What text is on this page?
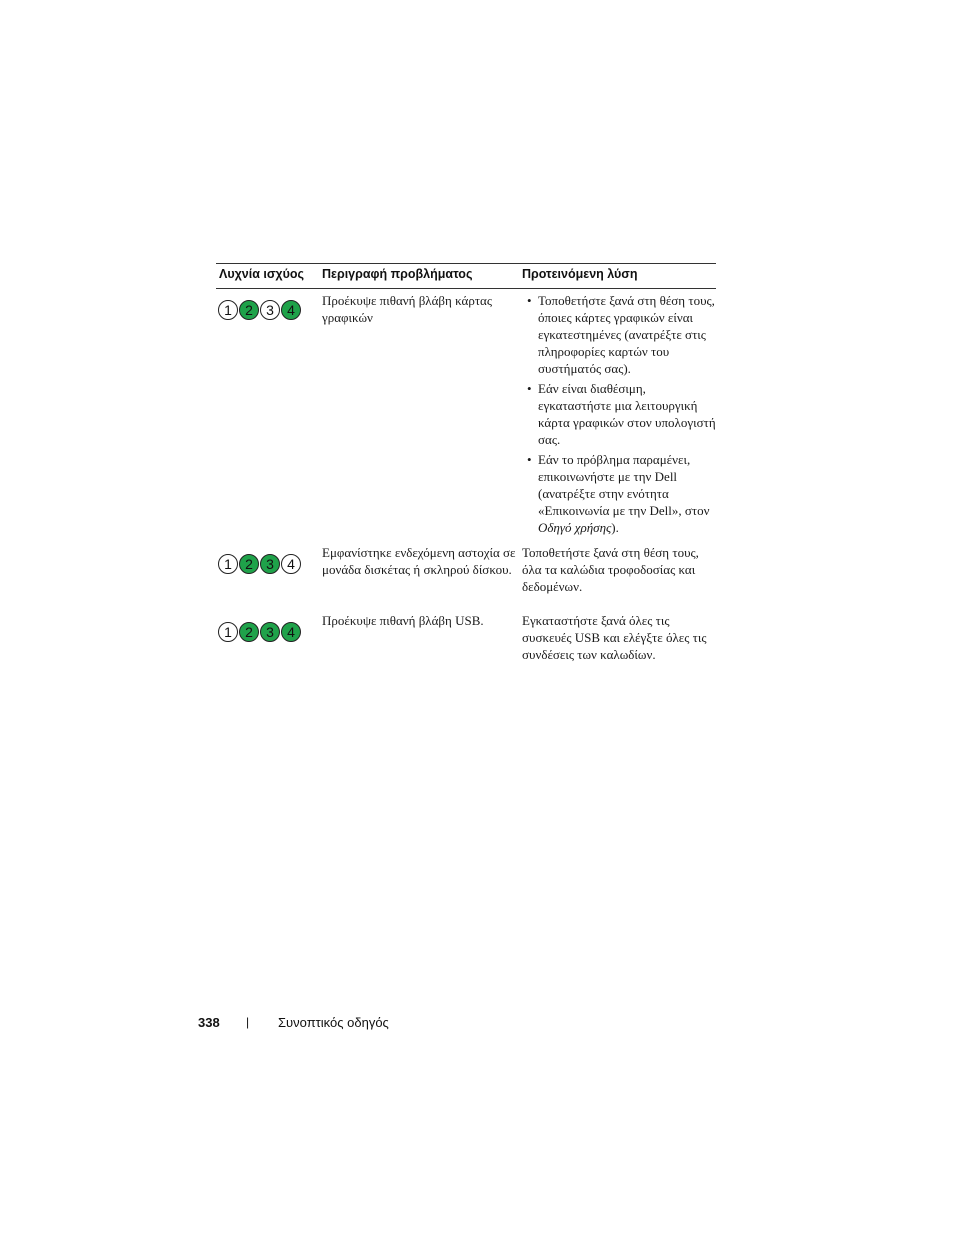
Λυχνία ισχύος Περιγραφή προβλήματος	Προτεινόμενη λύση
1 2 3 4
Προέκυψε πιθανή βλάβη κάρτας γραφικών
• Τοποθετήστε ξανά στη θέση τους, όποιες κάρτες γραφικών είναι εγκατεστημένες (ανατρέξτε στις πληροφορίες καρτών του συστήματός σας).
• Εάν είναι διαθέσιμη, εγκαταστήστε μια λειτουργική κάρτα γραφικών στον υπολογιστή σας.
• Εάν το πρόβλημα παραμένει, επικοινωνήστε με την Dell (ανατρέξτε στην ενότητα «Επικοινωνία με την Dell», στον Οδηγό χρήσης).
1 2 3 4
Εμφανίστηκε ενδεχόμενη αστοχία σε μονάδα δισκέτας ή σκληρού δίσκου.
Τοποθετήστε ξανά στη θέση τους, όλα τα καλώδια τροφοδοσίας και δεδομένων.
1 2 3 4
Προέκυψε πιθανή βλάβη USB.	Εγκαταστήστε ξανά όλες τις συσκευές USB και ελέγξτε όλες τις συνδέσεις των καλωδίων.
338 | Συνοπτικός οδηγός
